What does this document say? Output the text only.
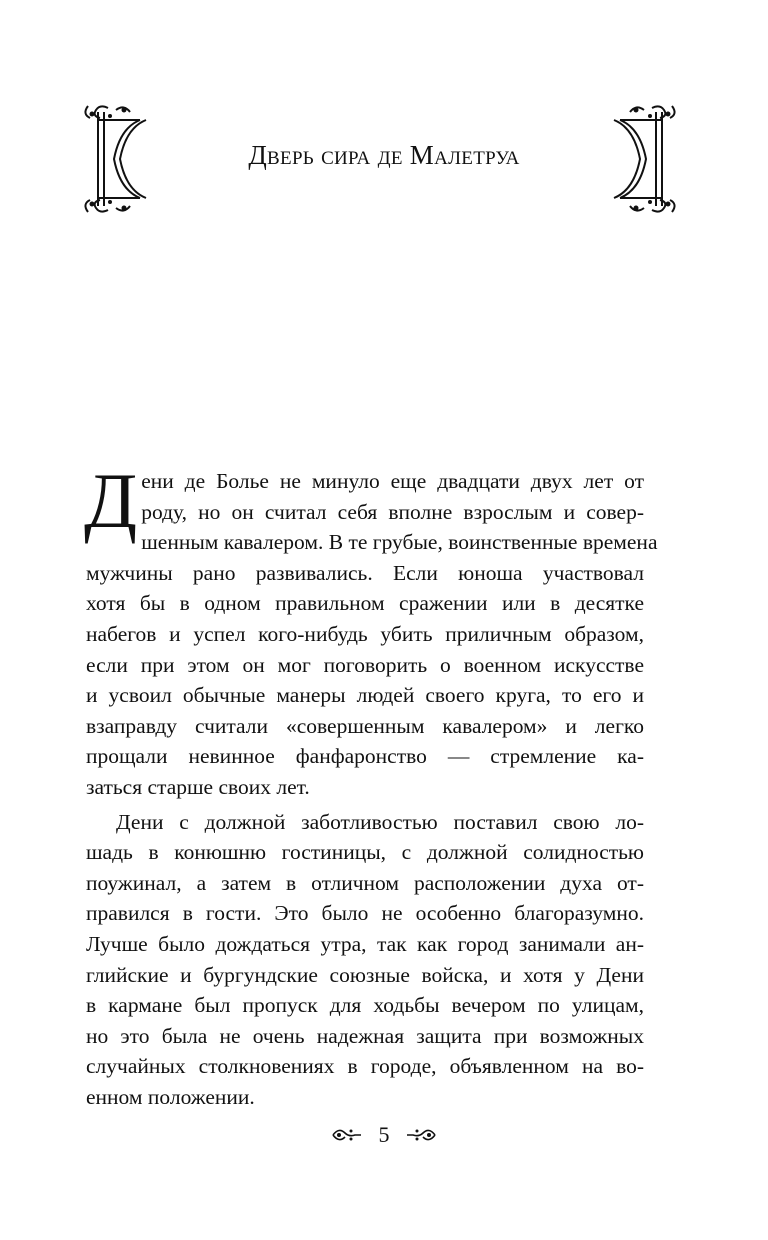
Дверь сира де Малетруа
Д ени де Болье не минуло еще двадцати двух лет от
роду, но он считал себя вполне взрослым и совер-
шенным кавалером. В те грубые, воинственные времена
мужчины рано развивались. Если юноша участвовал
хотя бы в одном правильном сражении или в десятке
набегов и успел кого-нибудь убить приличным образом,
если при этом он мог поговорить о военном искусстве
и усвоил обычные манеры людей своего круга, то его и
взаправду считали «совершенным кавалером» и легко
прощали невинное фанфаронство — стремление ка-
заться старше своих лет.
Дени с должной заботливостью поставил свою ло-
шадь в конюшню гостиницы, с должной солидностью
поужинал, а затем в отличном расположении духа от-
правился в гости. Это было не особенно благоразумно.
Лучше было дождаться утра, так как город занимали ан-
глийские и бургундские союзные войска, и хотя у Дени
в кармане был пропуск для ходьбы вечером по улицам,
но это была не очень надежная защита при возможных
случайных столкновениях в городе, объявленном на во-
енном положении.
5
